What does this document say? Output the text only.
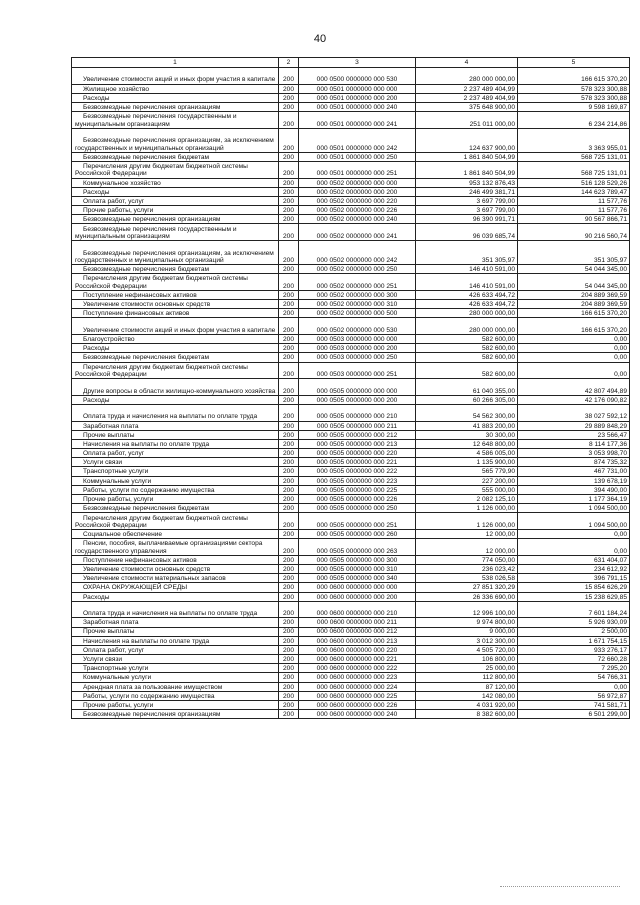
40
1	2	3	4	5
Увеличение стоимости акций и иных форм участия в капитале	200	000 0500 0000000 000 530	280 000 000,00	166 615 370,20
Жилищное хозяйство	200	000 0501 0000000 000 000	2 237 489 404,99	578 323 300,88
Расходы	200	000 0501 0000000 000 200	2 237 489 404,99	578 323 300,88
Безвозмездные перечисления организациям	200	000 0501 0000000 000 240	375 648 900,00	9 598 169,87
Безвозмездные перечисления государственным и муниципальным организациям	200	000 0501 0000000 000 241	251 011 000,00	6 234 214,86
Безвозмездные перечисления организациям, за исключением государственных и муниципальных организаций	200	000 0501 0000000 000 242	124 637 900,00	3 363 955,01
Безвозмездные перечисления бюджетам	200	000 0501 0000000 000 250	1 861 840 504,99	568 725 131,01
Перечисления другим бюджетам бюджетной системы Российской Федерации	200	000 0501 0000000 000 251	1 861 840 504,99	568 725 131,01
Коммунальное хозяйство	200	000 0502 0000000 000 000	953 132 876,43	516 128 529,26
Расходы	200	000 0502 0000000 000 200	246 499 381,71	144 623 789,47
Оплата работ, услуг	200	000 0502 0000000 000 220	3 697 799,00	11 577,76
Прочие работы, услуги	200	000 0502 0000000 000 226	3 697 799,00	11 577,76
Безвозмездные перечисления организациям	200	000 0502 0000000 000 240	96 390 991,71	90 567 866,71
Безвозмездные перечисления государственным и муниципальным организациям	200	000 0502 0000000 000 241	96 039 685,74	90 216 560,74
Безвозмездные перечисления организациям, за исключением государственных и муниципальных организаций	200	000 0502 0000000 000 242	351 305,97	351 305,97
Безвозмездные перечисления бюджетам	200	000 0502 0000000 000 250	146 410 591,00	54 044 345,00
Перечисления другим бюджетам бюджетной системы Российской Федерации	200	000 0502 0000000 000 251	146 410 591,00	54 044 345,00
Поступление нефинансовых активов	200	000 0502 0000000 000 300	426 633 494,72	204 889 369,59
Увеличение стоимости основных средств	200	000 0502 0000000 000 310	426 633 494,72	204 889 369,59
Поступление финансовых активов	200	000 0502 0000000 000 500	280 000 000,00	166 615 370,20
Увеличение стоимости акций и иных форм участия в капитале	200	000 0502 0000000 000 530	280 000 000,00	166 615 370,20
Благоустройство	200	000 0503 0000000 000 000	582 600,00	0,00
Расходы	200	000 0503 0000000 000 200	582 600,00	0,00
Безвозмездные перечисления бюджетам	200	000 0503 0000000 000 250	582 600,00	0,00
Перечисления другим бюджетам бюджетной системы Российской Федерации	200	000 0503 0000000 000 251	582 600,00	0,00
Другие вопросы в области жилищно-коммунального хозяйства	200	000 0505 0000000 000 000	61 040 355,00	42 807 494,89
Расходы	200	000 0505 0000000 000 200	60 266 305,00	42 176 090,82
Оплата труда и начисления на выплаты по оплате труда	200	000 0505 0000000 000 210	54 562 300,00	38 027 592,12
Заработная плата	200	000 0505 0000000 000 211	41 883 200,00	29 889 848,29
Прочие выплаты	200	000 0505 0000000 000 212	30 300,00	23 566,47
Начисления на выплаты по оплате труда	200	000 0505 0000000 000 213	12 648 800,00	8 114 177,36
Оплата работ, услуг	200	000 0505 0000000 000 220	4 586 005,00	3 053 998,70
Услуги связи	200	000 0505 0000000 000 221	1 135 900,00	874 735,32
Транспортные услуги	200	000 0505 0000000 000 222	565 779,90	467 731,00
Коммунальные услуги	200	000 0505 0000000 000 223	227 200,00	139 678,19
Работы, услуги по содержанию имущества	200	000 0505 0000000 000 225	555 000,00	394 490,00
Прочие работы, услуги	200	000 0505 0000000 000 226	2 082 125,10	1 177 364,19
Безвозмездные перечисления бюджетам	200	000 0505 0000000 000 250	1 126 000,00	1 094 500,00
Перечисления другим бюджетам бюджетной системы Российской Федерации	200	000 0505 0000000 000 251	1 126 000,00	1 094 500,00
Социальное обеспечение	200	000 0505 0000000 000 260	12 000,00	0,00
Пенсии, пособия, выплачиваемые организациями сектора государственного управления	200	000 0505 0000000 000 263	12 000,00	0,00
Поступление нефинансовых активов	200	000 0505 0000000 000 300	774 050,00	631 404,07
Увеличение стоимости основных средств	200	000 0505 0000000 000 310	236 023,42	234 612,92
Увеличение стоимости материальных запасов	200	000 0505 0000000 000 340	538 026,58	396 791,15
ОХРАНА ОКРУЖАЮЩЕЙ СРЕДЫ	200	000 0600 0000000 000 000	27 851 320,29	15 854 626,29
Расходы	200	000 0600 0000000 000 200	26 336 690,00	15 238 629,85
Оплата труда и начисления на выплаты по оплате труда	200	000 0600 0000000 000 210	12 996 100,00	7 601 184,24
Заработная плата	200	000 0600 0000000 000 211	9 974 800,00	5 926 930,09
Прочие выплаты	200	000 0600 0000000 000 212	9 000,00	2 500,00
Начисления на выплаты по оплате труда	200	000 0600 0000000 000 213	3 012 300,00	1 671 754,15
Оплата работ, услуг	200	000 0600 0000000 000 220	4 505 720,00	933 276,17
Услуги связи	200	000 0600 0000000 000 221	106 800,00	72 660,28
Транспортные услуги	200	000 0600 0000000 000 222	25 000,00	7 295,20
Коммунальные услуги	200	000 0600 0000000 000 223	112 800,00	54 766,31
Арендная плата за пользование имуществом	200	000 0600 0000000 000 224	87 120,00	0,00
Работы, услуги по содержанию имущества	200	000 0600 0000000 000 225	142 080,00	56 972,87
Прочие работы, услуги	200	000 0600 0000000 000 226	4 031 920,00	741 581,71
Безвозмездные перечисления организациям	200	000 0600 0000000 000 240	8 382 600,00	6 501 299,00
